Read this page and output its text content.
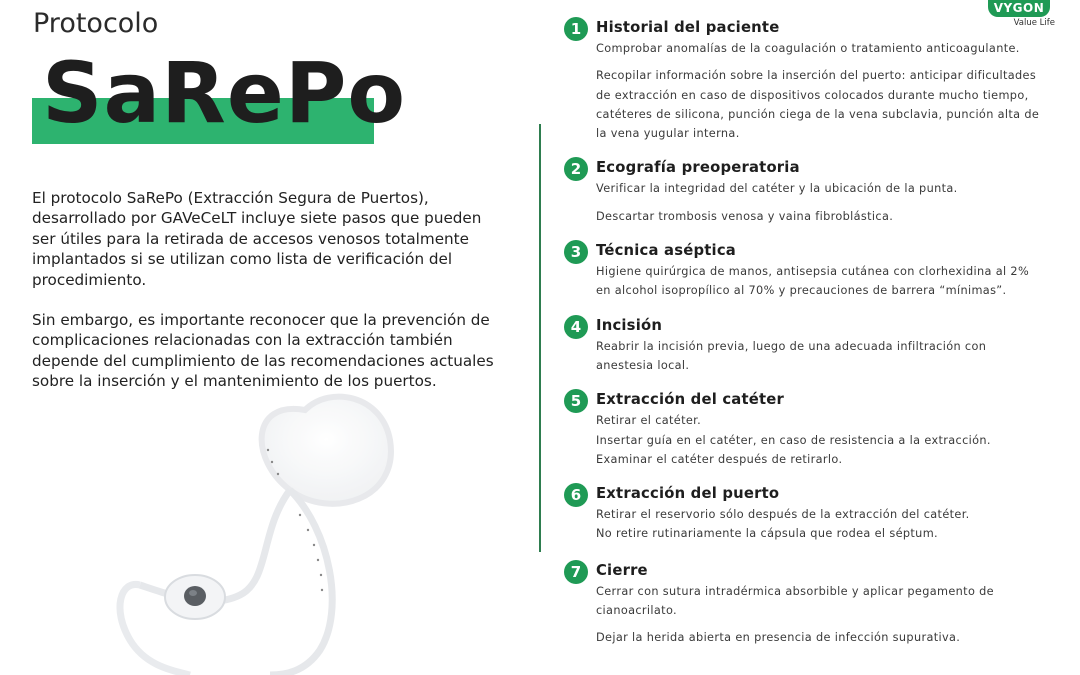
Protocolo
SaRePo

El protocolo SaRePo (Extracción Segura de Puertos), desarrollado por GAVeCeLT incluye siete pasos que pueden ser útiles para la retirada de accesos venosos totalmente implantados si se utilizan como lista de verificación del procedimiento.

Sin embargo, es importante reconocer que la prevención de complicaciones relacionadas con la extracción también depende del cumplimiento de las recomendaciones actuales sobre la inserción y el mantenimiento de los puertos.

VYGON
Value Life
1 Historial del paciente

Comprobar anomalías de la coagulación o tratamiento anticoagulante.

Recopilar información sobre la inserción del puerto: anticipar dificultades de extracción en caso de dispositivos colocados durante mucho tiempo, catéteres de silicona, punción ciega de la vena subclavia, punción alta de la vena yugular interna.

2 Ecografía preoperatoria

Verificar la integridad del catéter y la ubicación de la punta.

Descartar trombosis venosa y vaina fibroblástica.

3 Técnica aséptica

Higiene quirúrgica de manos, antisepsia cutánea con clorhexidina al 2% en alcohol isopropílico al 70% y precauciones de barrera “mínimas”.

4 Incisión

Reabrir la incisión previa, luego de una adecuada infiltración con anestesia local.

5 Extracción del catéter
Retirar el catéter.
Insertar guía en el catéter, en caso de resistencia a la extracción.
Examinar el catéter después de retirarlo.
6 Extracción del puerto
Retirar el reservorio sólo después de la extracción del catéter.
No retire rutinariamente la cápsula que rodea el séptum.
7 Cierre

Cerrar con sutura intradérmica absorbible y aplicar pegamento de cianoacrilato.

Dejar la herida abierta en presencia de infección supurativa.
